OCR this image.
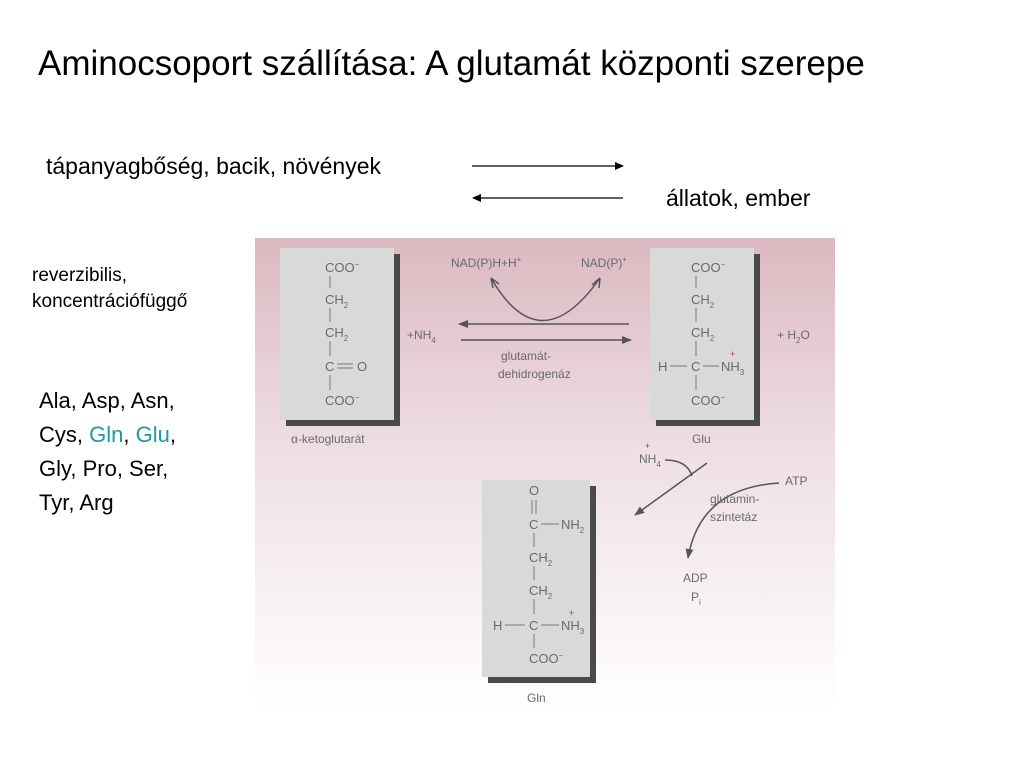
Aminocsoport szállítása: A glutamát központi szerepe
tápanyagbőség, bacik, növények
állatok, ember
reverzibilis,
koncentrációfüggő
Ala, Asp, Asn,
Cys, Gln, Glu,
Gly, Pro, Ser,
Tyr, Arg
COO−
$CH_2$
$CH_2$
C O
COO−
α-ketoglutarát
COO−
$CH_2$
$CH_2$
H C
+
$NH_3$
COO−
Glu
O
C $NH_2$
$CH_2$
$CH_2$
H C
+
$NH_3$
COO−
Gln
NAD(P)H+H+	NAD(P)+
$+NH_4$
glutamát-
dehidrogenáz
+ $H_2O$
+
$NH_4$
ATP
glutamin-
szintetáz
ADP
$P_i$
